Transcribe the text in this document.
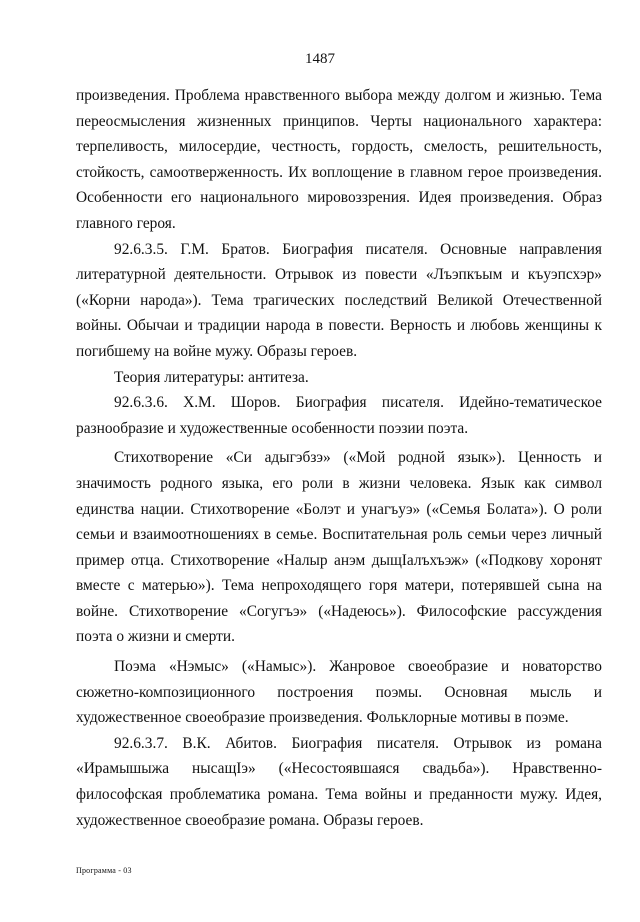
1487

произведения. Проблема нравственного выбора между долгом и жизнью. Тема переосмысления жизненных принципов. Черты национального характера: терпеливость, милосердие, честность, гордость, смелость, решительность, стойкость, самоотверженность. Их воплощение в главном герое произведения. Особенности его национального мировоззрения. Идея произведения. Образ главного героя.

92.6.3.5. Г.М. Братов. Биография писателя. Основные направления литературной деятельности. Отрывок из повести «Лъэпкъым и къуэпсхэр» («Корни народа»). Тема трагических последствий Великой Отечественной войны. Обычаи и традиции народа в повести. Верность и любовь женщины к погибшему на войне мужу. Образы героев.

Теория литературы: антитеза.

92.6.3.6. Х.М. Шоров. Биография писателя. Идейно-тематическое разнообразие и художественные особенности поэзии поэта.

Стихотворение «Си адыгэбзэ» («Мой родной язык»). Ценность и значимость родного языка, его роли в жизни человека. Язык как символ единства нации. Стихотворение «Болэт и унагъуэ» («Семья Болата»). О роли семьи и взаимоотношениях в семье. Воспитательная роль семьи через личный пример отца. Стихотворение «Налыр анэм дыщIалъхъэж» («Подкову хоронят вместе с матерью»). Тема непроходящего горя матери, потерявшей сына на войне. Стихотворение «Согугъэ» («Надеюсь»). Философские рассуждения поэта о жизни и смерти.

Поэма «Нэмыс» («Намыс»). Жанровое своеобразие и новаторство сюжетно-композиционного построения поэмы. Основная мысль и художественное своеобразие произведения. Фольклорные мотивы в поэме.

92.6.3.7. В.К. Абитов. Биография писателя. Отрывок из романа «Ирамышыжа нысащIэ» («Несостоявшаяся свадьба»). Нравственно-философская проблематика романа. Тема войны и преданности мужу. Идея, художественное своеобразие романа. Образы героев.

Программа - 03
